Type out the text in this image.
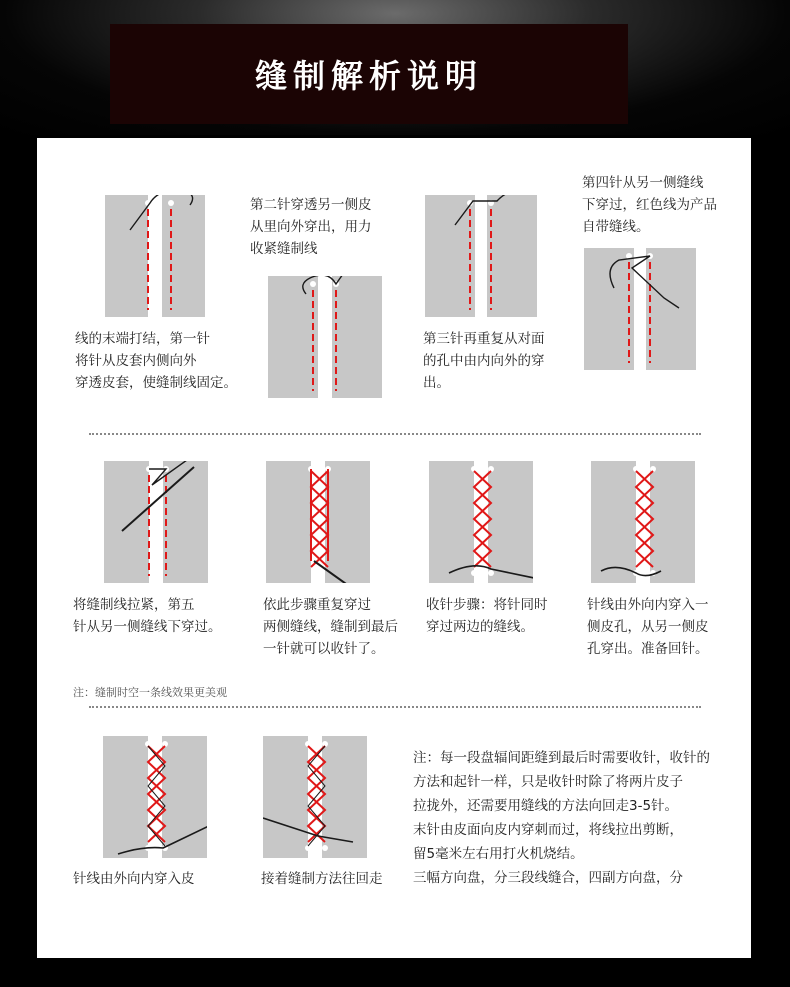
缝制解析说明

线的末端打结，第一针
将针从皮套内侧向外
穿透皮套，使缝制线固定。

第二针穿透另一侧皮
从里向外穿出，用力
收紧缝制线

第三针再重复从对面
的孔中由内向外的穿
出。

第四针从另一侧缝线
下穿过，红色线为产品
自带缝线。

将缝制线拉紧，第五
针从另一侧缝线下穿过。

依此步骤重复穿过
两侧缝线，缝制到最后
一针就可以收针了。

收针步骤：将针同时
穿过两边的缝线。

针线由外向内穿入一
侧皮孔，从另一侧皮
孔穿出。准备回针。

注：缝制时空一条线效果更美观

针线由外向内穿入皮	接着缝制方法往回走

注：每一段盘辐间距缝到最后时需要收针，收针的
方法和起针一样，只是收针时除了将两片皮子
拉拢外，还需要用缝线的方法向回走3-5针。
末针由皮面向皮内穿刺而过，将线拉出剪断，
留5毫米左右用打火机烧结。
三幅方向盘，分三段线缝合，四副方向盘，分
